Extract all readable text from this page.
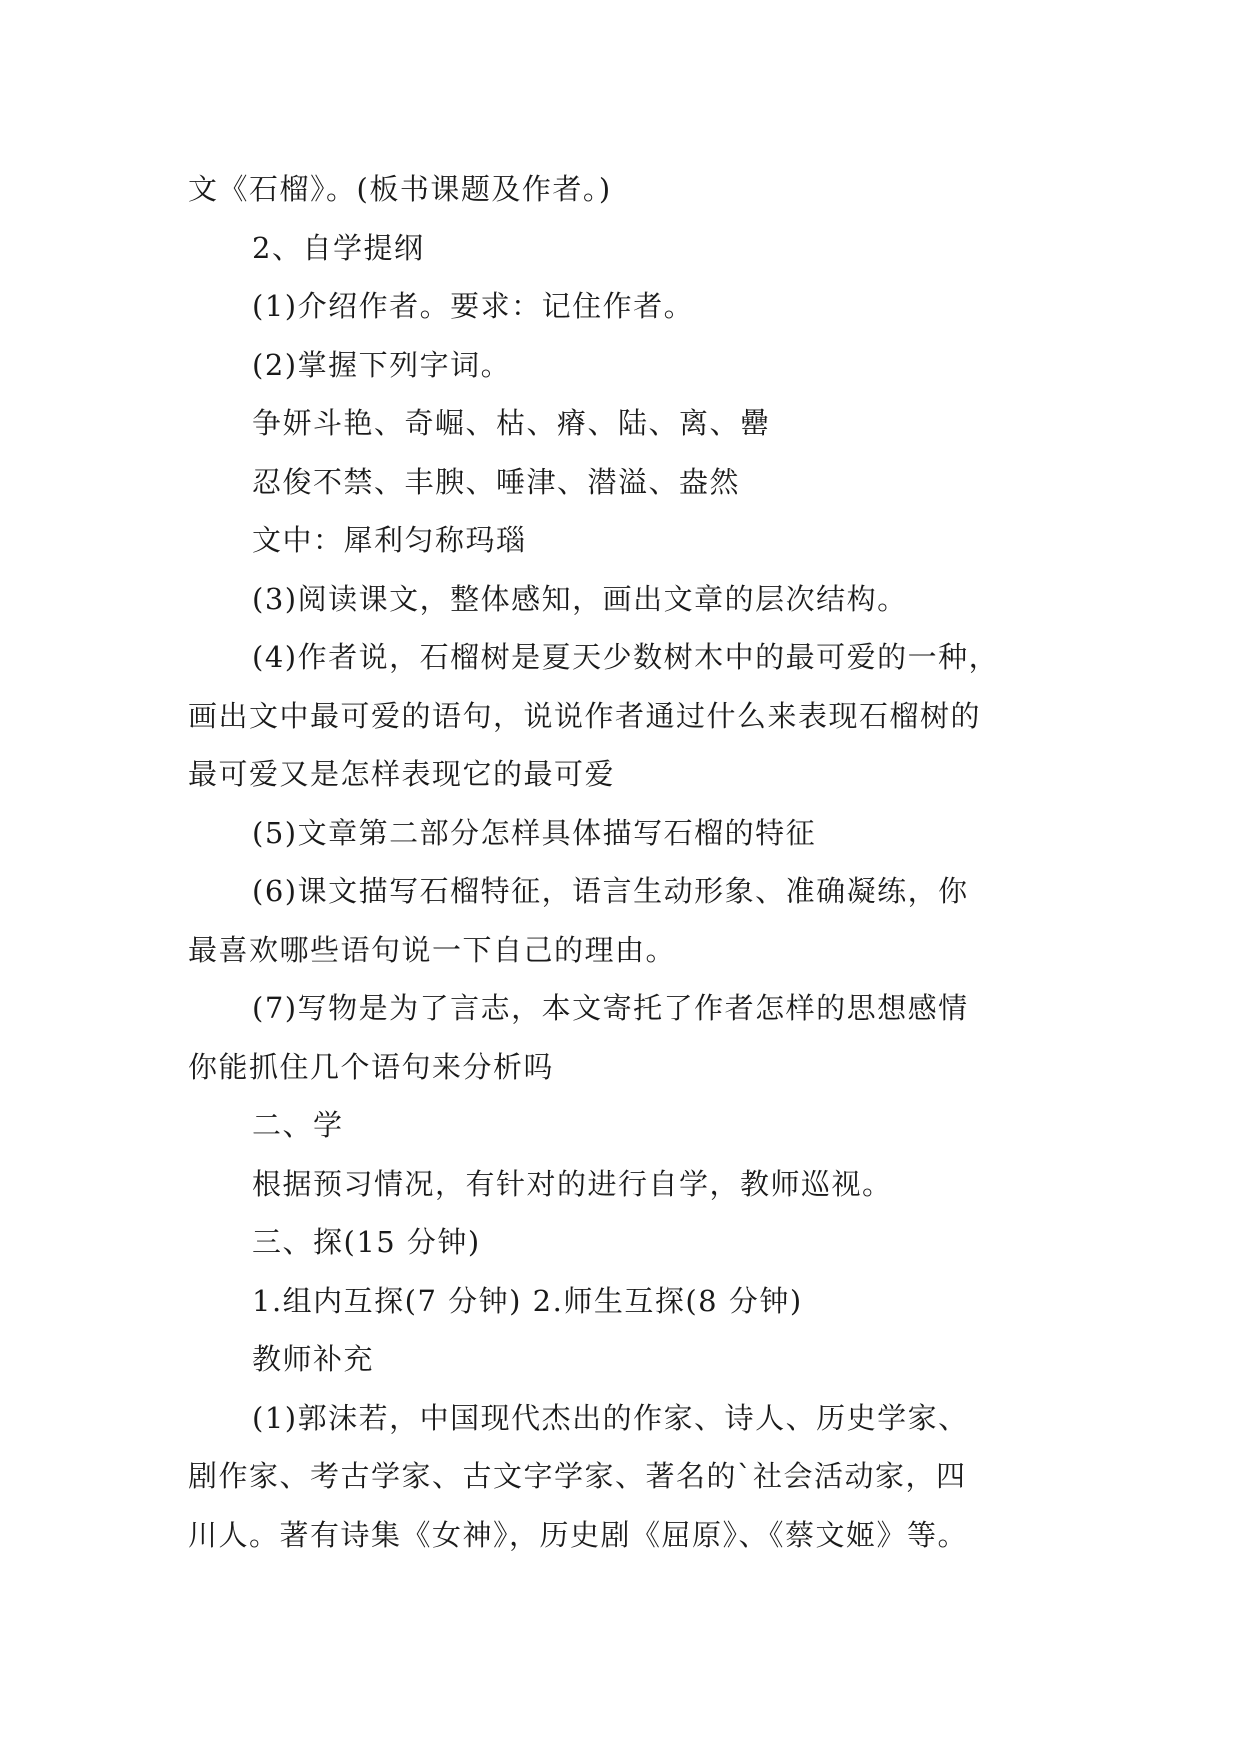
文《石榴》。(板书课题及作者。)
2、自学提纲
(1)介绍作者。要求：记住作者。
(2)掌握下列字词。
争妍斗艳、奇崛、枯、瘠、陆、离、罍
忍俊不禁、丰腴、唾津、潜溢、盎然
文中：犀利匀称玛瑙
(3)阅读课文，整体感知，画出文章的层次结构。
(4)作者说，石榴树是夏天少数树木中的最可爱的一种，
画出文中最可爱的语句，说说作者通过什么来表现石榴树的
最可爱又是怎样表现它的最可爱
(5)文章第二部分怎样具体描写石榴的特征
(6)课文描写石榴特征，语言生动形象、准确凝练，你
最喜欢哪些语句说一下自己的理由。
(7)写物是为了言志，本文寄托了作者怎样的思想感情
你能抓住几个语句来分析吗
二、学
根据预习情况，有针对的进行自学，教师巡视。
三、探(15 分钟)
1.组内互探(7 分钟) 2.师生互探(8 分钟)
教师补充
(1)郭沫若，中国现代杰出的作家、诗人、历史学家、
剧作家、考古学家、古文字学家、著名的`社会活动家，四
川人。著有诗集《女神》，历史剧《屈原》、《蔡文姬》等。
